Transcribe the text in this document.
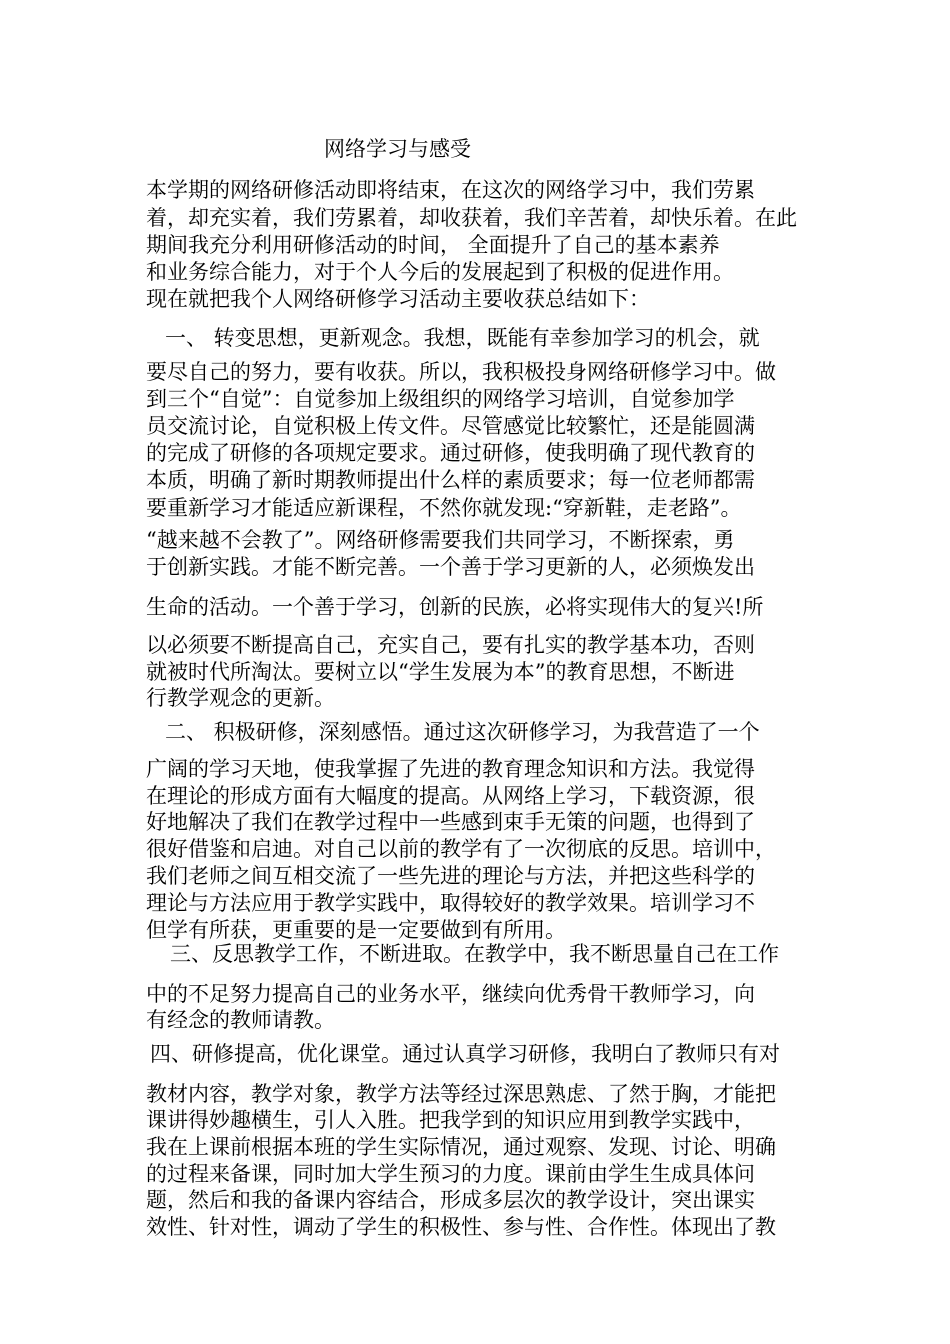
网络学习与感受
本学期的网络研修活动即将结束，在这次的网络学习中，我们劳累
着，却充实着，我们劳累着，却收获着，我们辛苦着，却快乐着。在此
期间我充分利用研修活动的时间， 全面提升了自己的基本素养
和业务综合能力，对于个人今后的发展起到了积极的促进作用。
现在就把我个人网络研修学习活动主要收获总结如下：
一、 转变思想，更新观念。我想，既能有幸参加学习的机会，就
要尽自己的努力，要有收获。所以，我积极投身网络研修学习中。做
到三个“自觉”：自觉参加上级组织的网络学习培训，自觉参加学
员交流讨论，自觉积极上传文件。尽管感觉比较繁忙，还是能圆满
的完成了研修的各项规定要求。通过研修，使我明确了现代教育的
本质，明确了新时期教师提出什么样的素质要求；每一位老师都需
要重新学习才能适应新课程，不然你就发现:“穿新鞋，走老路”。
“越来越不会教了”。网络研修需要我们共同学习，不断探索，勇
于创新实践。才能不断完善。一个善于学习更新的人，必须焕发出
生命的活动。一个善于学习，创新的民族，必将实现伟大的复兴!所
以必须要不断提高自己，充实自己，要有扎实的教学基本功，否则
就被时代所淘汰。要树立以“学生发展为本”的教育思想，不断进
行教学观念的更新。
二、 积极研修，深刻感悟。通过这次研修学习，为我营造了一个
广阔的学习天地，使我掌握了先进的教育理念知识和方法。我觉得
在理论的形成方面有大幅度的提高。从网络上学习，下载资源，很
好地解决了我们在教学过程中一些感到束手无策的问题，也得到了
很好借鉴和启迪。对自己以前的教学有了一次彻底的反思。培训中，
我们老师之间互相交流了一些先进的理论与方法，并把这些科学的
理论与方法应用于教学实践中，取得较好的教学效果。培训学习不
但学有所获，更重要的是一定要做到有所用。
三、反思教学工作，不断进取。在教学中，我不断思量自己在工作
中的不足努力提高自己的业务水平，继续向优秀骨干教师学习，向
有经念的教师请教。
四、研修提高，优化课堂。通过认真学习研修，我明白了教师只有对
教材内容，教学对象，教学方法等经过深思熟虑、了然于胸，才能把
课讲得妙趣横生，引人入胜。把我学到的知识应用到教学实践中，
我在上课前根据本班的学生实际情况，通过观察、发现、讨论、明确
的过程来备课，同时加大学生预习的力度。课前由学生生成具体问
题，然后和我的备课内容结合，形成多层次的教学设计，突出课实
效性、针对性，调动了学生的积极性、参与性、合作性。体现出了教
